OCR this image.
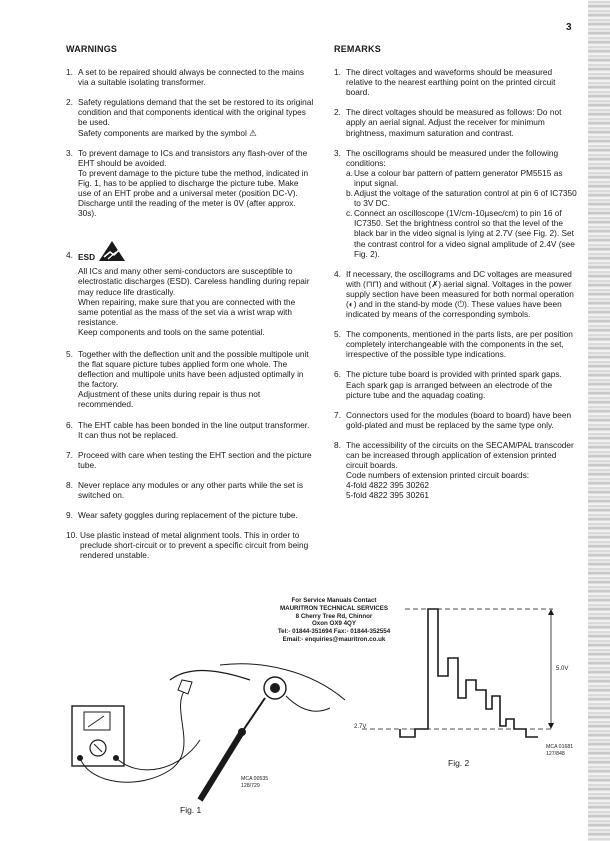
3
WARNINGS
1. A set to be repaired should always be connected to the mains via a suitable isolating transformer.

2. Safety regulations demand that the set be restored to its original condition and that components identical with the original types be used.

Safety components are marked by the symbol ⚠

3. To prevent damage to ICs and transistors any flash-over of the EHT should be avoided.

To prevent damage to the picture tube the method, indicated in Fig. 1, has to be applied to discharge the picture tube. Make use of an EHT probe and a universal meter (position DC-V). Discharge until the reading of the meter is 0V (after approx. 30s).

4. ESD

All ICs and many other semi-conductors are susceptible to electrostatic discharges (ESD). Careless handling during repair may reduce life drastically.

When repairing, make sure that you are connected with the same potential as the mass of the set via a wrist wrap with resistance.

Keep components and tools on the same potential.

5. Together with the deflection unit and the possible multipole unit the flat square picture tubes applied form one whole. The deflection and multipole units have been adjusted optimally in the factory.

Adjustment of these units during repair is thus not recommended.

6. The EHT cable has been bonded in the line output transformer. It can thus not be replaced.

7. Proceed with care when testing the EHT section and the picture tube.

8. Never replace any modules or any other parts while the set is switched on.

9. Wear safety goggles during replacement of the picture tube.

10. Use plastic instead of metal alignment tools. This in order to preclude short-circuit or to prevent a specific circuit from being rendered unstable.

REMARKS
1. The direct voltages and waveforms should be measured relative to the nearest earthing point on the printed circuit board.

2. The direct voltages should be measured as follows: Do not apply an aerial signal. Adjust the receiver for minimum brightness, maximum saturation and contrast.

3. The oscillograms should be measured under the following conditions:

a. Use a colour bar pattern of pattern generator PM5515 as input signal.
b. Adjust the voltage of the saturation control at pin 6 of IC7350 to 3V DC.
c. Connect an oscilloscope (1V/cm-10µsec/cm) to pin 16 of IC7350. Set the brightness control so that the level of the black bar in the video signal is lying at 2.7V (see Fig. 2). Set the contrast control for a video signal amplitude of 2.4V (see Fig. 2).
4. If necessary, the oscillograms and DC voltages are measured with (⊓⊓) and without (✗) aerial signal. Voltages in the power supply section have been measured for both normal operation (◐) and in the stand-by mode (⏻). These values have been indicated by means of the corresponding symbols.

5. The components, mentioned in the parts lists, are per position completely interchangeable with the components in the set, irrespective of the possible type indications.

6. The picture tube board is provided with printed spark gaps. Each spark gap is arranged between an electrode of the picture tube and the aquadag coating.

7. Connectors used for the modules (board to board) have been gold-plated and must be replaced by the same type only.

8. The accessibility of the circuits on the SECAM/PAL transcoder can be increased through application of extension printed circuit boards.

Code numbers of extension printed circuit boards:

4-fold 4822 395 30262

5-fold 4822 395 30261

For Service Manuals Contact
MAURITRON TECHNICAL SERVICES
8 Cherry Tree Rd, Chinnor
Oxon OX9 4QY
Tel:- 01844-351694 Fax:- 01844-352554
Email:- enquiries@mauritron.co.uk
MCA 00535
128/729
Fig. 1
2.7V
5.0V
MCA 01681
127/848
Fig. 2
